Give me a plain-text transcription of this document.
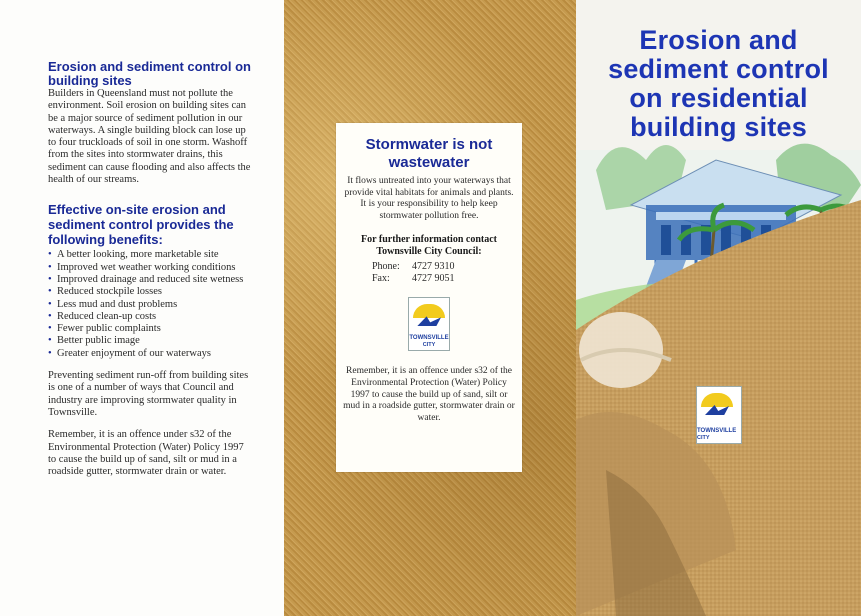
Erosion and sediment control on building sites

Builders in Queensland must not pollute the environment. Soil erosion on building sites can be a major source of sediment pollution in our waterways. A single building block can lose up to four truckloads of soil in one storm. Washoff from the sites into stormwater drains, this sediment can cause flooding and also affects the health of our streams.

Effective on-site erosion and sediment control provides the following benefits:
• A better looking, more marketable site
• Improved wet weather working conditions
• Improved drainage and reduced site wetness
• Reduced stockpile losses
• Less mud and dust problems
• Reduced clean-up costs
• Fewer public complaints
• Better public image
• Greater enjoyment of our waterways

Preventing sediment run-off from building sites is one of a number of ways that Council and industry are improving stormwater quality in Townsville.

Remember, it is an offence under s32 of the Environmental Protection (Water) Policy 1997 to cause the build up of sand, silt or mud in a roadside gutter, stormwater drain or water.

Stormwater is not wastewater
It flows untreated into your waterways that provide vital habitats for animals and plants.
It is your responsibility to help keep stormwater pollution free.
For further information contact Townsville City Council:
Phone: 4727 9310
Fax: 4727 9051
TOWNSVILLE
CITY
Remember, it is an offence under s32 of the Environmental Protection (Water) Policy 1997 to cause the build up of sand, silt or mud in a roadside gutter, stormwater drain or water.
Erosion and
sediment control
on residential
building sites
TOWNSVILLE
CITY
